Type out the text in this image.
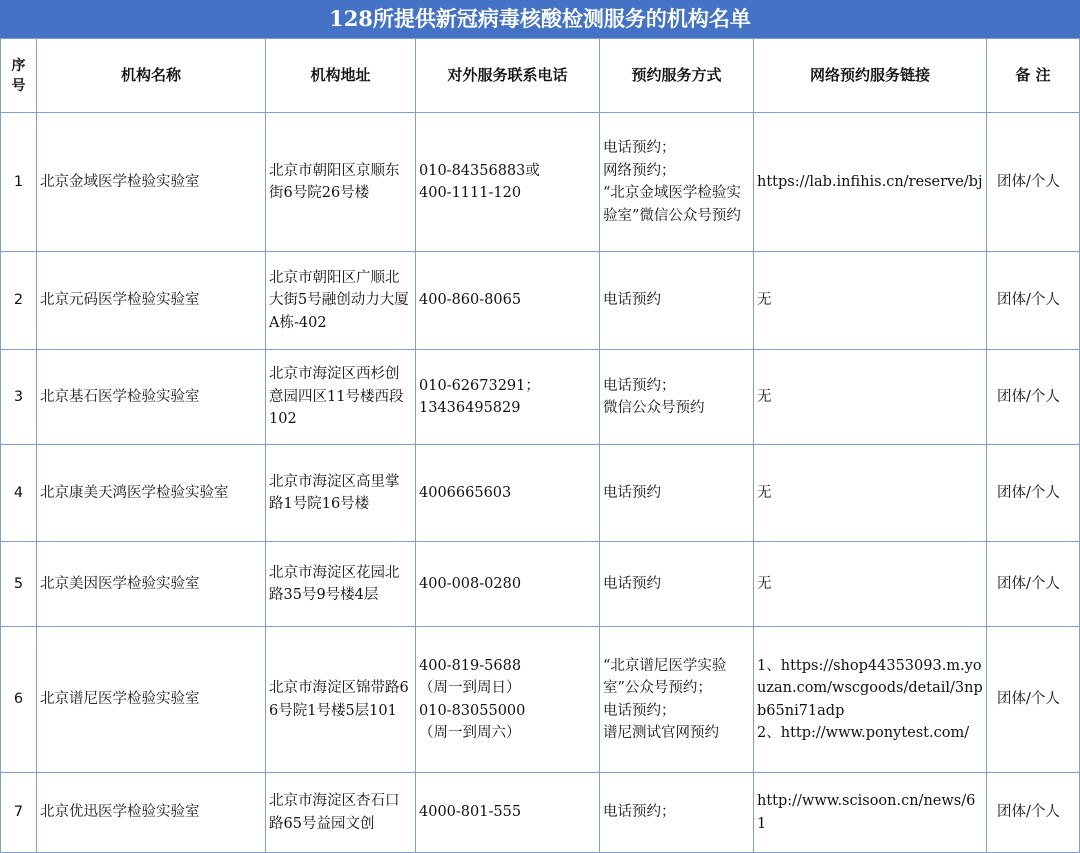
128所提供新冠病毒核酸检测服务的机构名单
序号	机构名称	机构地址	对外服务联系电话	预约服务方式	网络预约服务链接	备 注
1	北京金域医学检验实验室	北京市朝阳区京顺东街6号院26号楼	010-84356883或
400-1111-120	电话预约；
网络预约；
“北京金域医学检验实验室”微信公众号预约	https://lab.infihis.cn/reserve/bj	团体/个人
2	北京元码医学检验实验室	北京市朝阳区广顺北大街5号融创动力大厦A栋-402	400-860-8065	电话预约	无	团体/个人
3	北京基石医学检验实验室	北京市海淀区西杉创意园四区11号楼西段102	010-62673291；
13436495829	电话预约；
微信公众号预约	无	团体/个人
4	北京康美天鸿医学检验实验室	北京市海淀区高里掌路1号院16号楼	4006665603	电话预约	无	团体/个人
5	北京美因医学检验实验室	北京市海淀区花园北路35号9号楼4层	400-008-0280	电话预约	无	团体/个人
6	北京谱尼医学检验实验室	北京市海淀区锦带路66号院1号楼5层101	400-819-5688
（周一到周日）
010-83055000
（周一到周六）	“北京谱尼医学实验室”公众号预约；
电话预约；
谱尼测试官网预约	1、https://shop44353093.m.youzan.com/wscgoods/detail/3npb65ni71adp
2、http://www.ponytest.com/	团体/个人
7	北京优迅医学检验实验室	北京市海淀区杏石口路65号益园文创	4000-801-555	电话预约；	http://www.scisoon.cn/news/61	团体/个人
